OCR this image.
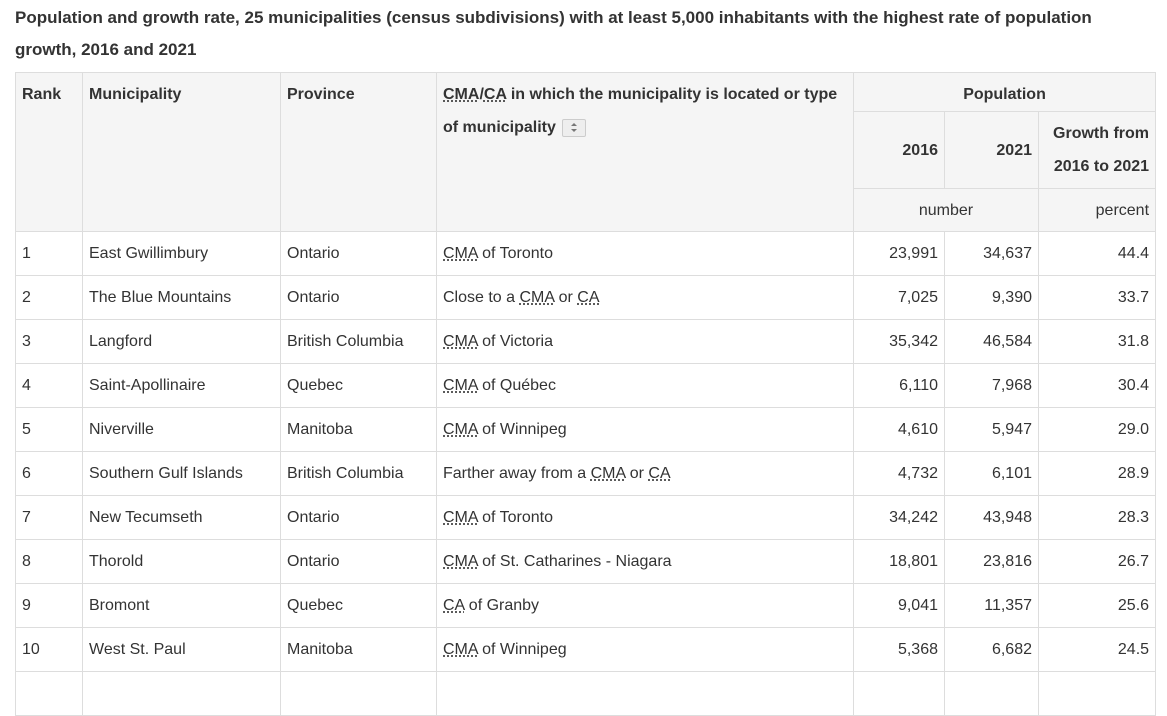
Population and growth rate, 25 municipalities (census subdivisions) with at least 5,000 inhabitants with the highest rate of population growth, 2016 and 2021
Rank	Municipality	Province	CMA/CA in which the municipality is located or type of municipality	Population		
				2016	2021	Growth from 2016 to 2021
				number		percent
1	East Gwillimbury	Ontario	CMA of Toronto	23,991	34,637	44.4
2	The Blue Mountains	Ontario	Close to a CMA or CA	7,025	9,390	33.7
3	Langford	British Columbia	CMA of Victoria	35,342	46,584	31.8
4	Saint-Apollinaire	Quebec	CMA of Québec	6,110	7,968	30.4
5	Niverville	Manitoba	CMA of Winnipeg	4,610	5,947	29.0
6	Southern Gulf Islands	British Columbia	Farther away from a CMA or CA	4,732	6,101	28.9
7	New Tecumseth	Ontario	CMA of Toronto	34,242	43,948	28.3
8	Thorold	Ontario	CMA of St. Catharines - Niagara	18,801	23,816	26.7
9	Bromont	Quebec	CA of Granby	9,041	11,357	25.6
10	West St. Paul	Manitoba	CMA of Winnipeg	5,368	6,682	24.5
